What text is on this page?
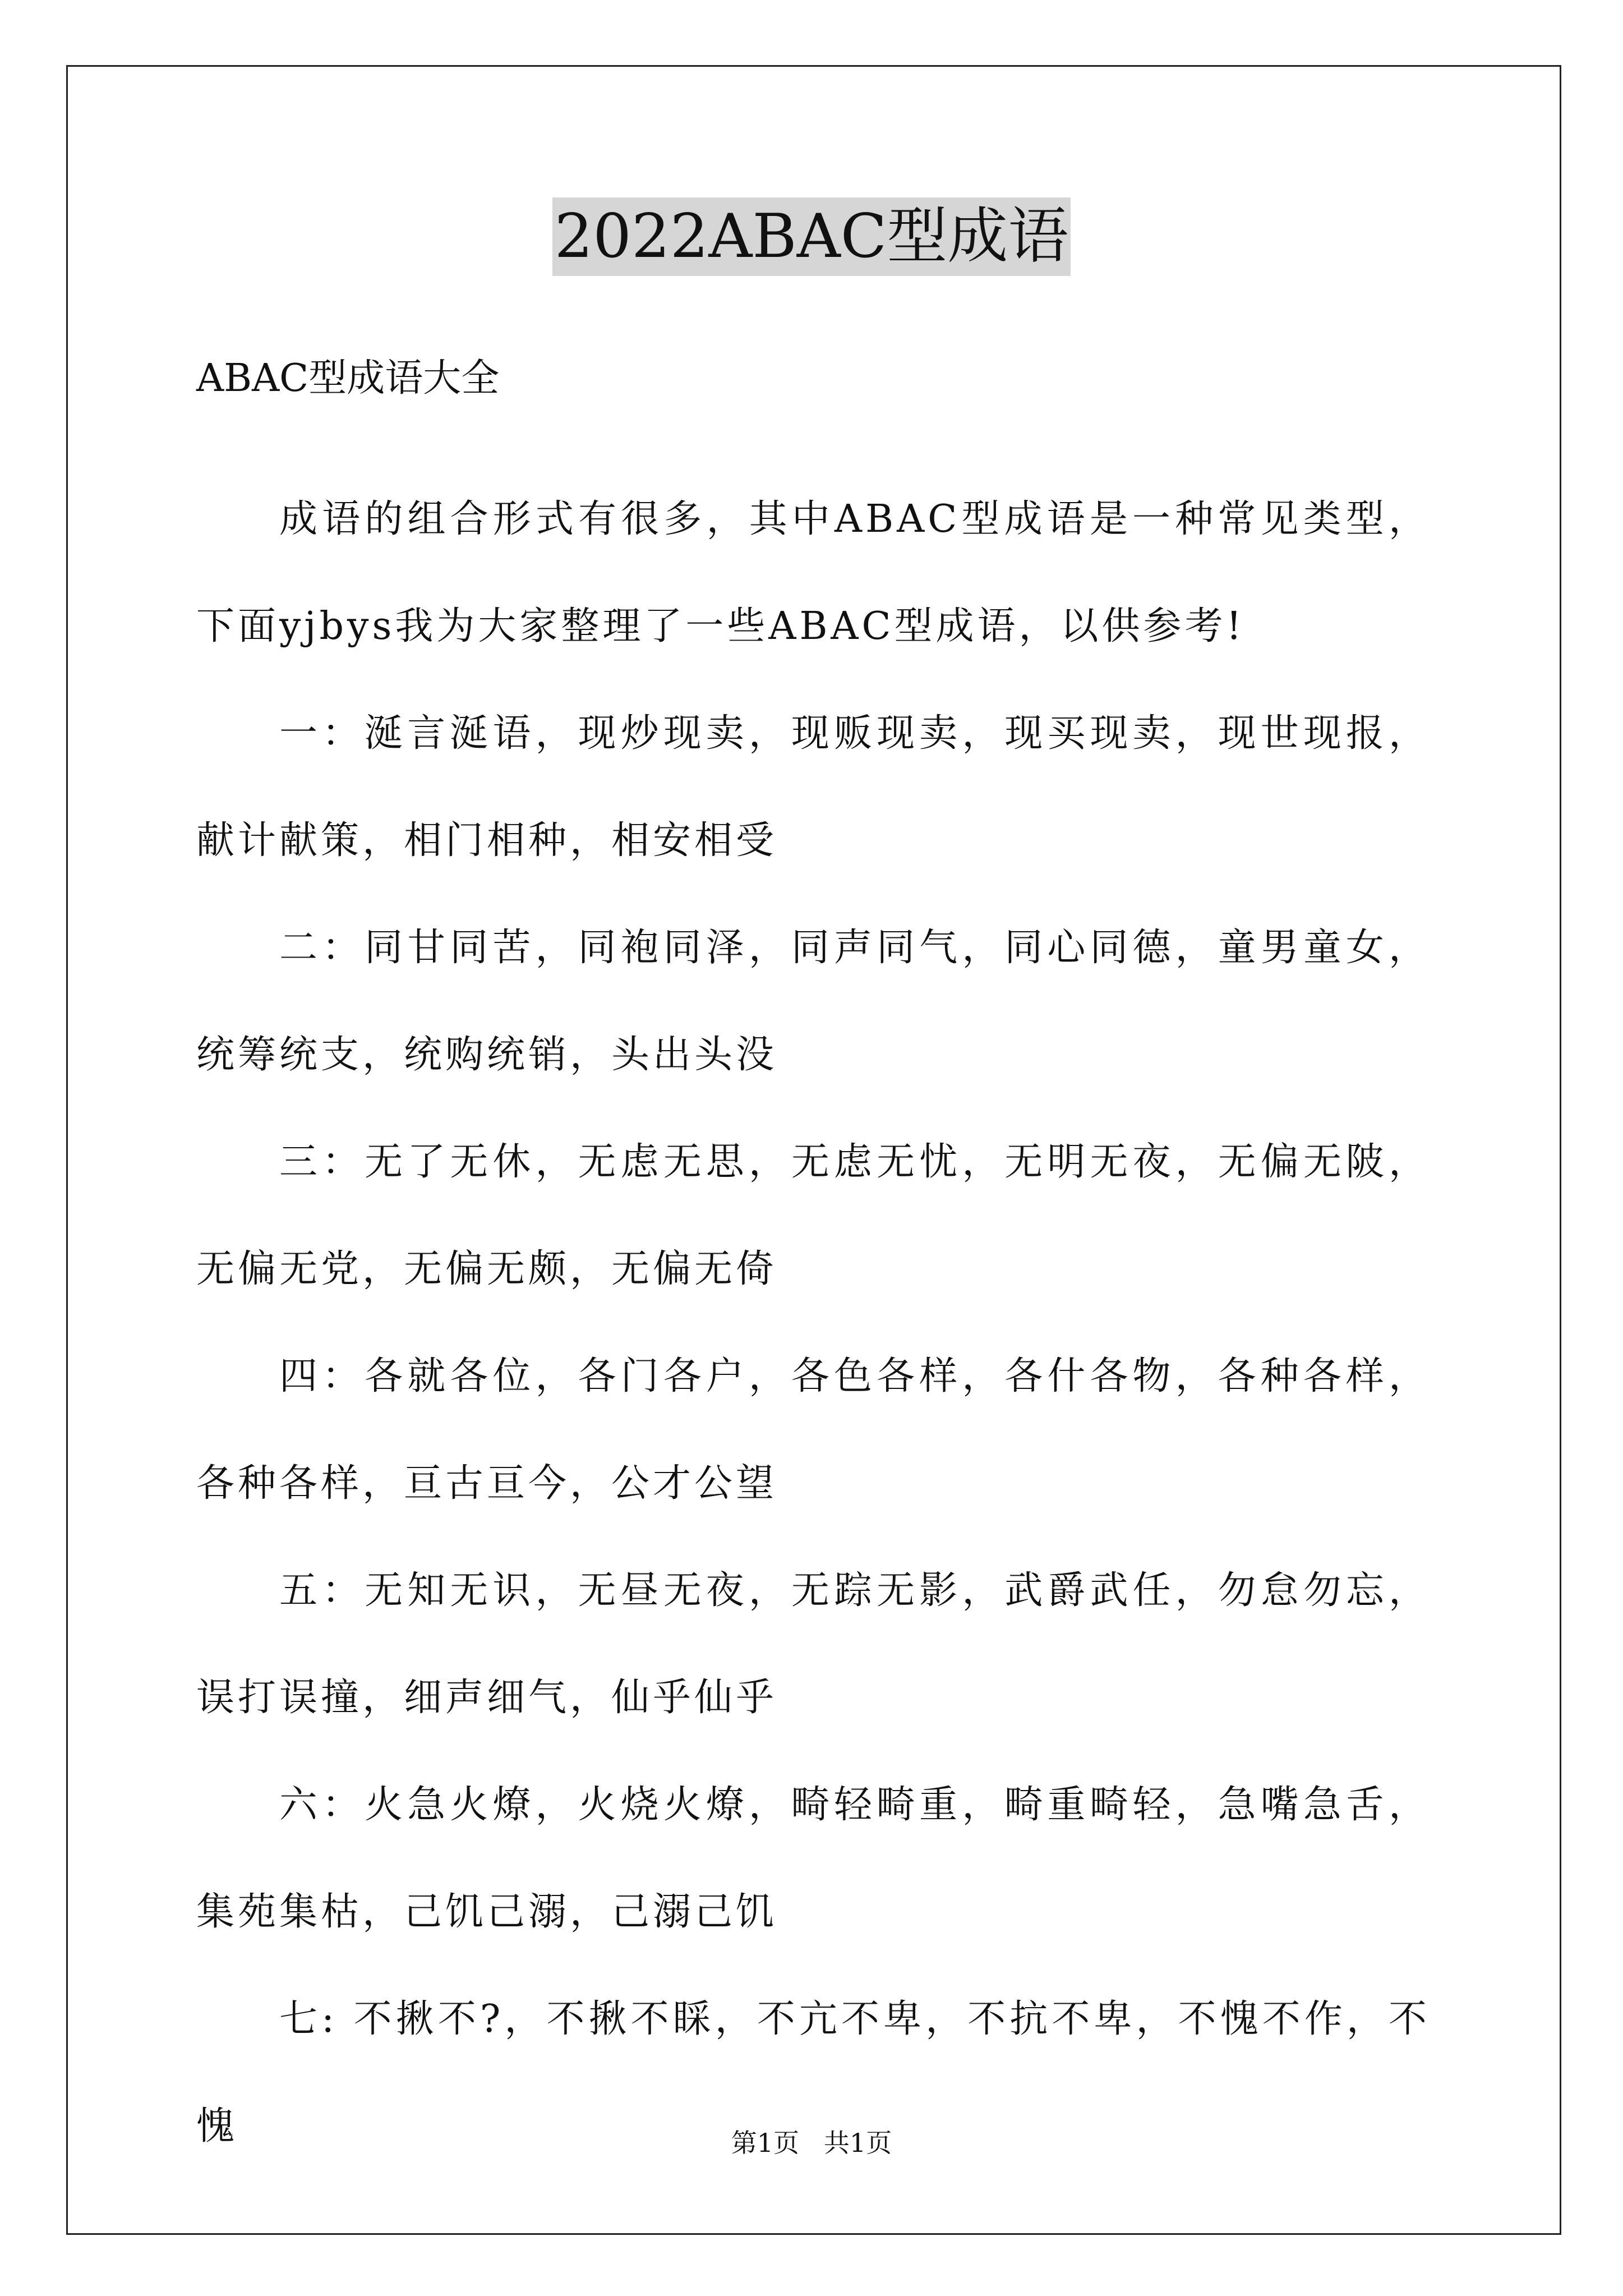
2022ABAC型成语

ABAC型成语大全

成语的组合形式有很多，其中ABAC型成语是一种常见类型，下面yjbys我为大家整理了一些ABAC型成语，以供参考!

一：涎言涎语，现炒现卖，现贩现卖，现买现卖，现世现报，献计献策，相门相种，相安相受

二：同甘同苦，同袍同泽，同声同气，同心同德，童男童女，统筹统支，统购统销，头出头没

三：无了无休，无虑无思，无虑无忧，无明无夜，无偏无陂，无偏无党，无偏无颇，无偏无倚

四：各就各位，各门各户，各色各样，各什各物，各种各样，各种各样，亘古亘今，公才公望

五：无知无识，无昼无夜，无踪无影，武爵武任，勿怠勿忘，误打误撞，细声细气，仙乎仙乎

六：火急火燎，火烧火燎，畸轻畸重，畸重畸轻，急嘴急舌，集苑集枯，己饥己溺，己溺己饥

七: 不揪不?，不揪不睬，不亢不卑，不抗不卑，不愧不作，不愧	第1页   共1页
